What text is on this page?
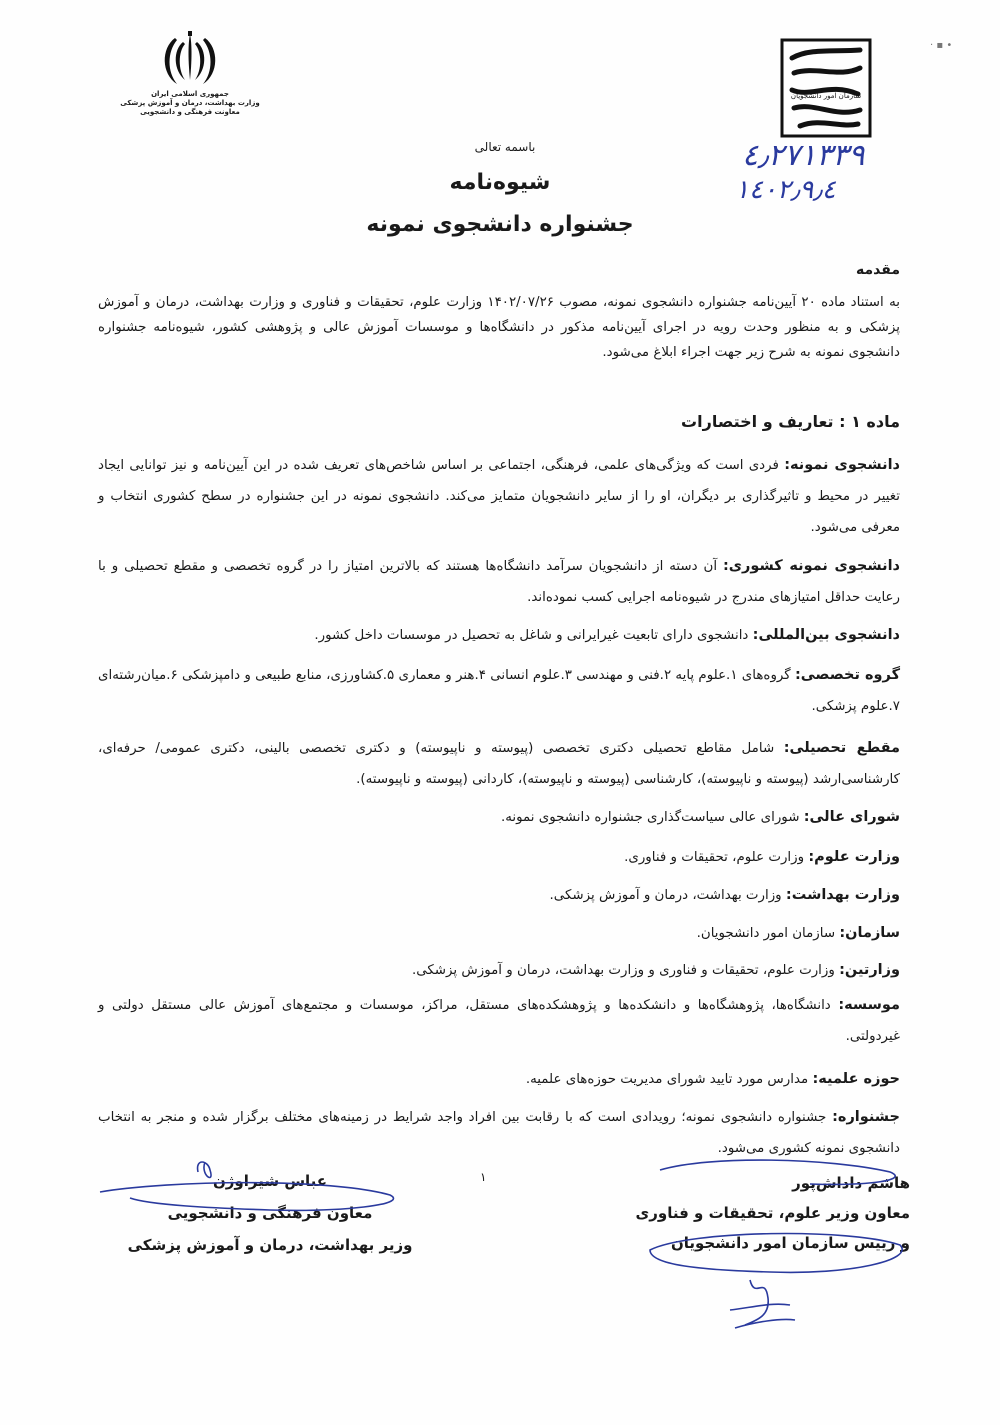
جمهوری اسلامی ایران
وزارت بهداشت، درمان و آموزش پزشکی
معاونت فرهنگی و دانشجویی
سازمان امور دانشجویان
• ▪ ·
٤٫٢٧١٣٣٩
١٤٠٢٫٩٫٤
باسمه تعالی
شیوه‌نامه
جشنواره دانشجوی نمونه
مقدمه
به استناد ماده ۲۰ آیین‌نامه جشنواره دانشجوی نمونه، مصوب ۱۴۰۲/۰۷/۲۶ وزارت علوم، تحقیقات و فناوری و وزارت بهداشت، درمان و آموزش پزشکی و به منظور وحدت رویه در اجرای آیین‌نامه مذکور در دانشگاه‌ها و موسسات آموزش عالی و پژوهشی کشور، شیوه‌نامه جشنواره دانشجوی نمونه به شرح زیر جهت اجراء ابلاغ می‌شود.
ماده ۱ : تعاریف و اختصارات
دانشجوی نمونه: فردی است که ویژگی‌های علمی، فرهنگی، اجتماعی بر اساس شاخص‌های تعریف شده در این آیین‌نامه و نیز توانایی ایجاد تغییر در محیط و تاثیرگذاری بر دیگران، او را از سایر دانشجویان متمایز می‌کند. دانشجوی نمونه در این جشنواره در سطح کشوری انتخاب و معرفی می‌شود.
دانشجوی نمونه کشوری: آن دسته از دانشجویان سرآمد دانشگاه‌ها هستند که بالاترین امتیاز را در گروه تخصصی و مقطع تحصیلی و با رعایت حداقل امتیازهای مندرج در شیوه‌نامه اجرایی کسب نموده‌اند.
دانشجوی بین‌المللی: دانشجوی دارای تابعیت غیرایرانی و شاغل به تحصیل در موسسات داخل کشور.
گروه تخصصی: گروه‌های ۱.علوم پایه ۲.فنی و مهندسی ۳.علوم انسانی ۴.هنر و معماری ۵.کشاورزی، منابع طبیعی و دامپزشکی ۶.میان‌رشته‌ای ۷.علوم پزشکی.
مقطع تحصیلی: شامل مقاطع تحصیلی دکتری تخصصی (پیوسته و ناپیوسته) و دکتری تخصصی بالینی، دکتری عمومی/ حرفه‌ای، کارشناسی‌ارشد (پیوسته و ناپیوسته)، کارشناسی (پیوسته و ناپیوسته)، کاردانی (پیوسته و ناپیوسته).
شورای عالی: شورای عالی سیاست‌گذاری جشنواره دانشجوی نمونه.
وزارت علوم: وزارت علوم، تحقیقات و فناوری.
وزارت بهداشت: وزارت بهداشت، درمان و آموزش پزشکی.
سازمان: سازمان امور دانشجویان.
وزارتین: وزارت علوم، تحقیقات و فناوری و وزارت بهداشت، درمان و آموزش پزشکی.
موسسه: دانشگاه‌ها، پژوهشگاه‌ها و دانشکده‌ها و پژوهشکده‌های مستقل، مراکز، موسسات و مجتمع‌های آموزش عالی مستقل دولتی و غیردولتی.
حوزه علمیه: مدارس مورد تایید شورای مدیریت حوزه‌های علمیه.
جشنواره: جشنواره دانشجوی نمونه؛ رویدادی است که با رقابت بین افراد واجد شرایط در زمینه‌های مختلف برگزار شده و منجر به انتخاب دانشجوی نمونه کشوری می‌شود.
۱
عباس شیراوژن
معاون فرهنگی و دانشجویی
وزیر بهداشت، درمان و آموزش پزشکی
هاشم داداش‌پور
معاون وزیر علوم، تحقیقات و فناوری
و رییس سازمان امور دانشجویان
